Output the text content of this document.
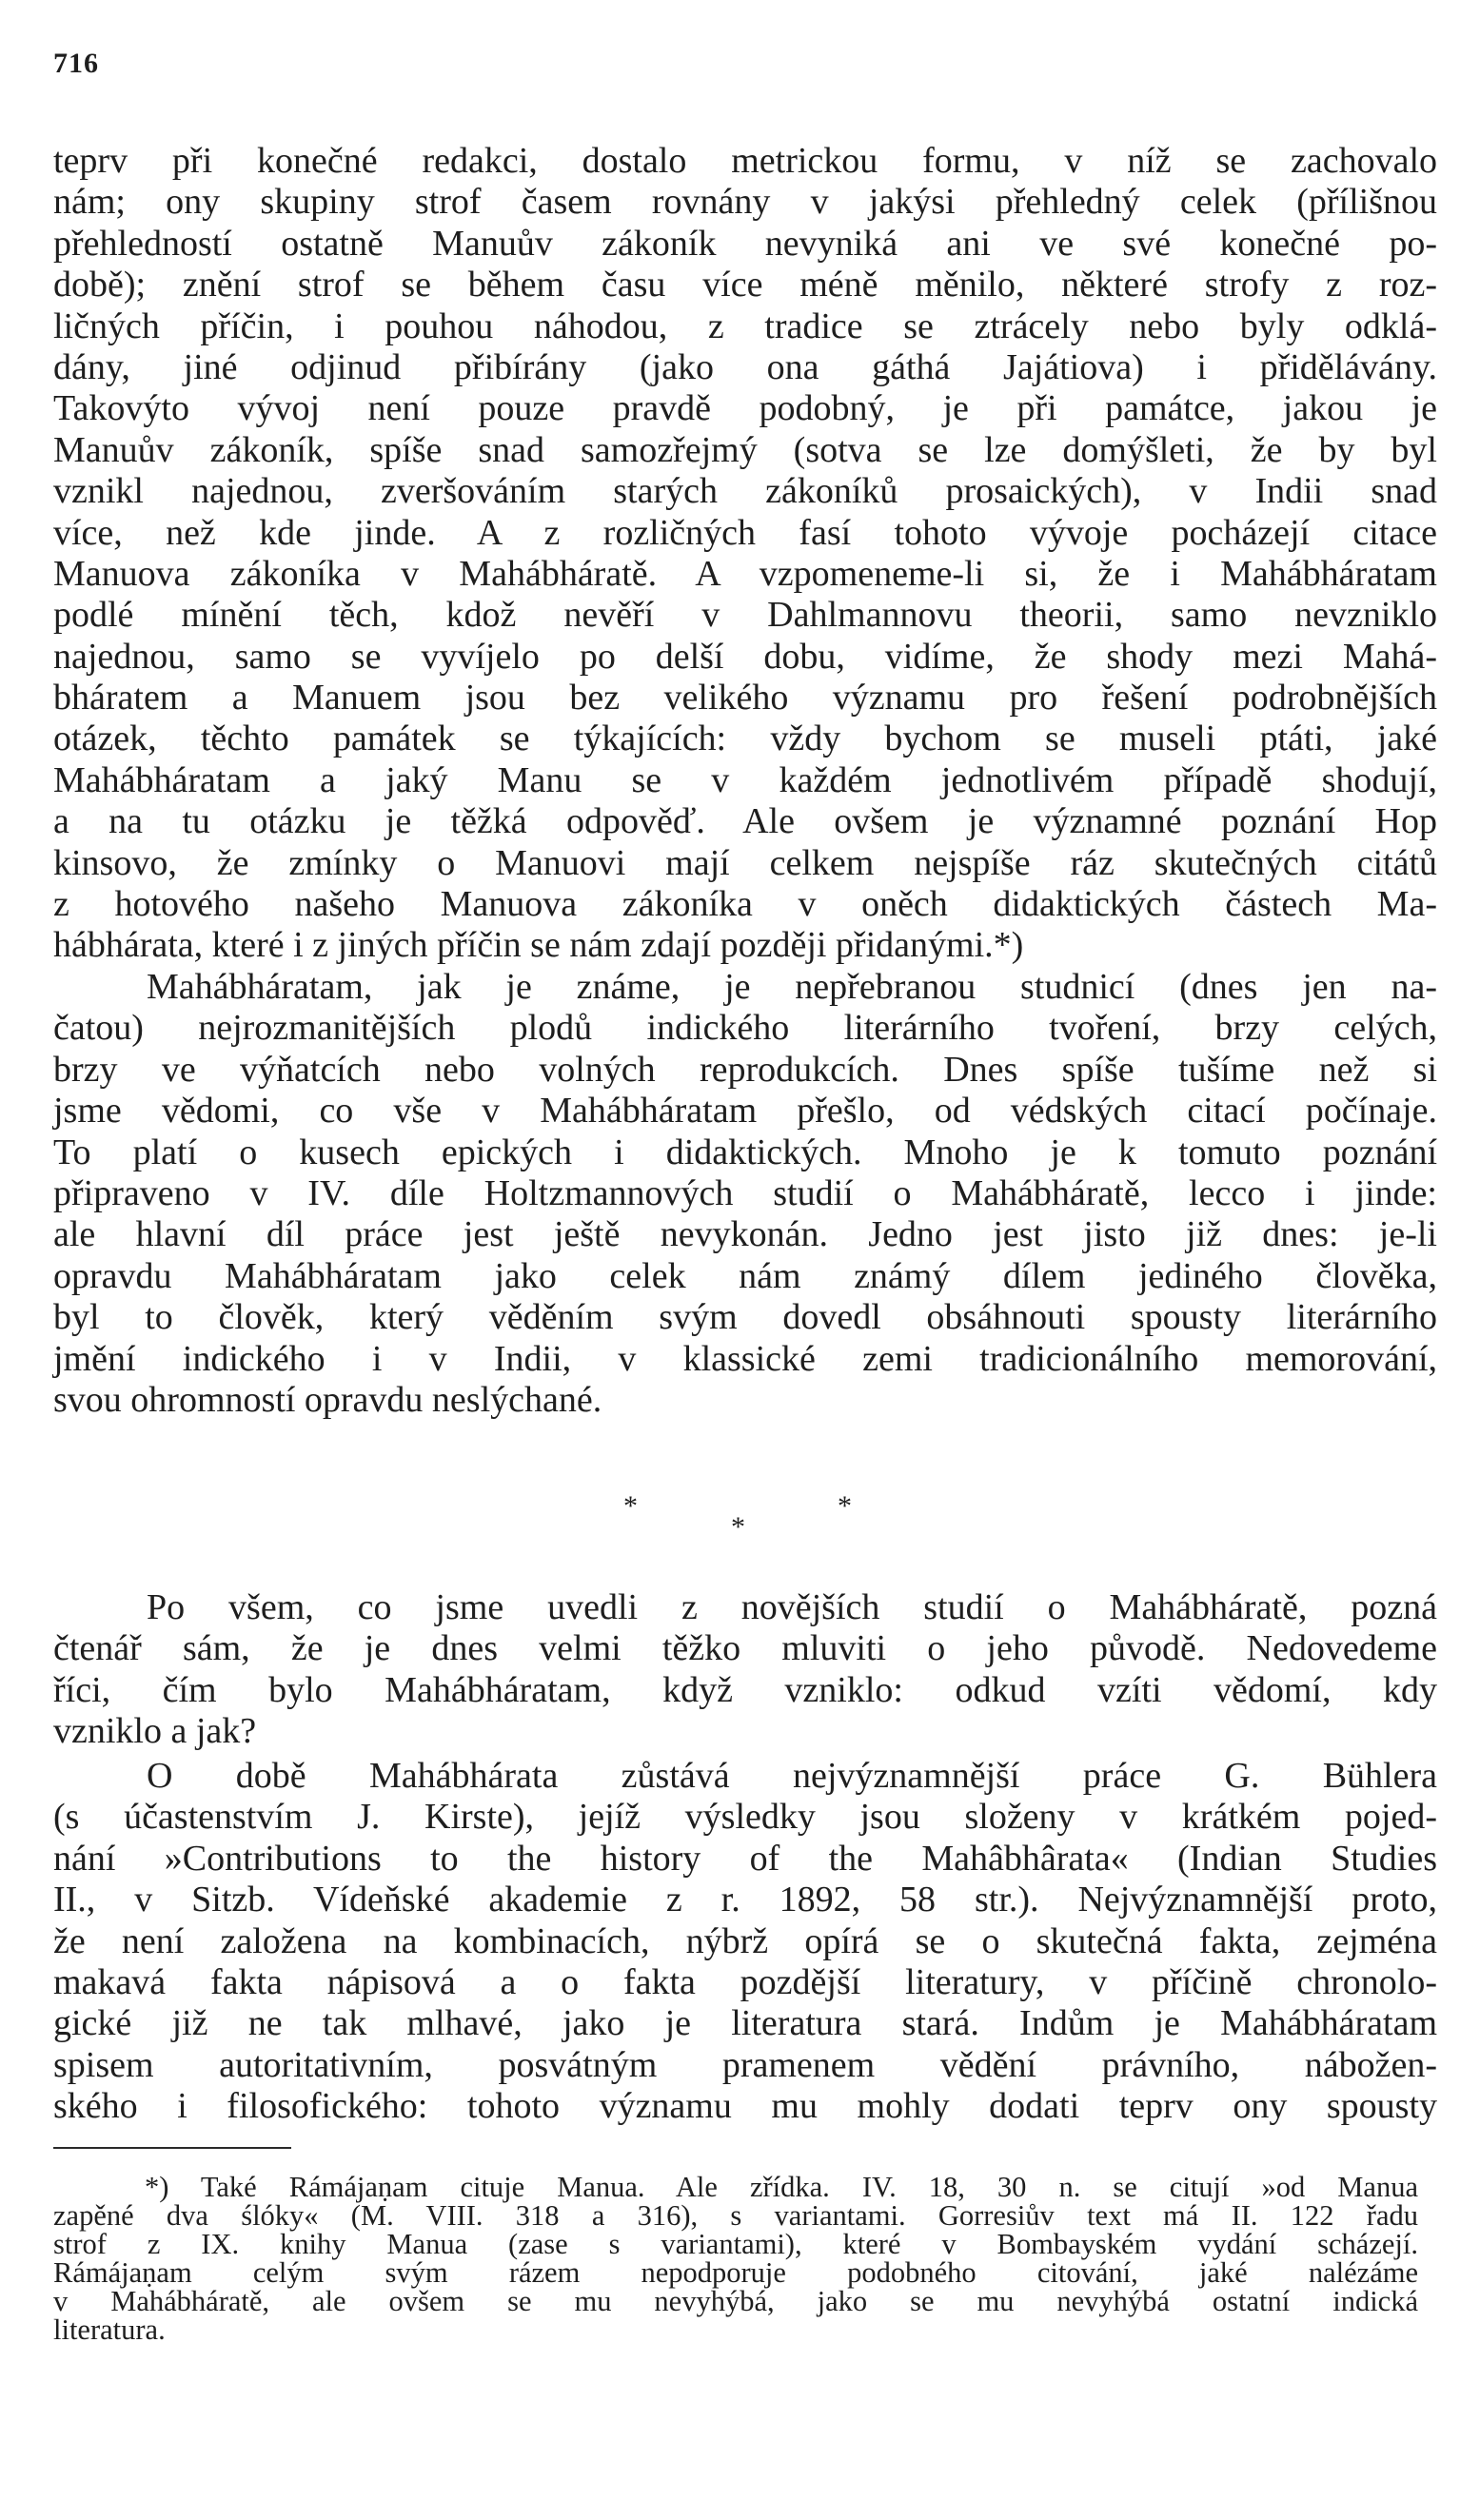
716
teprv při konečné redakci, dostalo metrickou formu, v níž se zachovalo
nám; ony skupiny strof časem rovnány v jakýsi přehledný celek (přílišnou
přehledností ostatně Manuův zákoník nevyniká ani ve své konečné po-
době); znění strof se během času více méně měnilo, některé strofy z roz-
ličných příčin, i pouhou náhodou, z tradice se ztrácely nebo byly odklá-
dány, jiné odjinud přibírány (jako ona gáthá Jajátiova) i přidělávány.
Takovýto vývoj není pouze pravdě podobný, je při památce, jakou je
Manuův zákoník, spíše snad samozřejmý (sotva se lze domýšleti, že by byl
vznikl najednou, zveršováním starých zákoníků prosaických), v Indii snad
více, než kde jinde. A z rozličných fasí tohoto vývoje pocházejí citace
Manuova zákoníka v Mahábháratě. A vzpomeneme-li si, že i Mahábháratam
podlé mínění těch, kdož nevěří v Dahlmannovu theorii, samo nevzniklo
najednou, samo se vyvíjelo po delší dobu, vidíme, že shody mezi Mahá-
bháratem a Manuem jsou bez velikého významu pro řešení podrobnějších
otázek, těchto památek se týkajících: vždy bychom se museli ptáti, jaké
Mahábháratam a jaký Manu se v každém jednotlivém případě shodují,
a na tu otázku je těžká odpověď. Ale ovšem je významné poznání Hop
kinsovo, že zmínky o Manuovi mají celkem nejspíše ráz skutečných citátů
z hotového našeho Manuova zákoníka v oněch didaktických částech Ma-
hábhárata, které i z jiných příčin se nám zdají později přidanými.*)
Mahábháratam, jak je známe, je nepřebranou studnicí (dnes jen na-
čatou) nejrozmanitějších plodů indického literárního tvoření, brzy celých,
brzy ve výňatcích nebo volných reprodukcích. Dnes spíše tušíme než si
jsme vědomi, co vše v Mahábháratam přešlo, od védských citací počínaje.
To platí o kusech epických i didaktických. Mnoho je k tomuto poznání
připraveno v IV. díle Holtzmannových studií o Mahábháratě, lecco i jinde:
ale hlavní díl práce jest ještě nevykonán. Jedno jest jisto již dnes: je-li
opravdu Mahábháratam jako celek nám známý dílem jediného člověka,
byl to člověk, který věděním svým dovedl obsáhnouti spousty literárního
jmění indického i v Indii, v klassické zemi tradicionálního memorování,
svou ohromností opravdu neslýchané.
*
*
*
Po všem, co jsme uvedli z novějších studií o Mahábháratě, pozná
čtenář sám, že je dnes velmi těžko mluviti o jeho původě. Nedovedeme
říci, čím bylo Mahábháratam, když vzniklo: odkud vzíti vědomí, kdy
vzniklo a jak?
O době Mahábhárata zůstává nejvýznamnější práce G. Bühlera
(s účastenstvím J. Kirste), jejíž výsledky jsou složeny v krátkém pojed-
nání »Contributions to the history of the Mahâbhârata« (Indian Studies
II., v Sitzb. Vídeňské akademie z r. 1892, 58 str.). Nejvýznamnější proto,
že není založena na kombinacích, nýbrž opírá se o skutečná fakta, zejména
makavá fakta nápisová a o fakta pozdější literatury, v příčině chronolo-
gické již ne tak mlhavé, jako je literatura stará. Indům je Mahábháratam
spisem autoritativním, posvátným pramenem vědění právního, nábožen-
ského i filosofického: tohoto významu mu mohly dodati teprv ony spousty
*) Také Rámájaṇam cituje Manua. Ale zřídka. IV. 18, 30 n. se citují »od Manua
zapěné dva ślóky« (M. VIII. 318 a 316), s variantami. Gorresiův text má II. 122 řadu
strof z IX. knihy Manua (zase s variantami), které v Bombayském vydání scházejí.
Rámájaṇam celým svým rázem nepodporuje podobného citování, jaké nalézáme
v Mahábháratě, ale ovšem se mu nevyhýbá, jako se mu nevyhýbá ostatní indická
literatura.
